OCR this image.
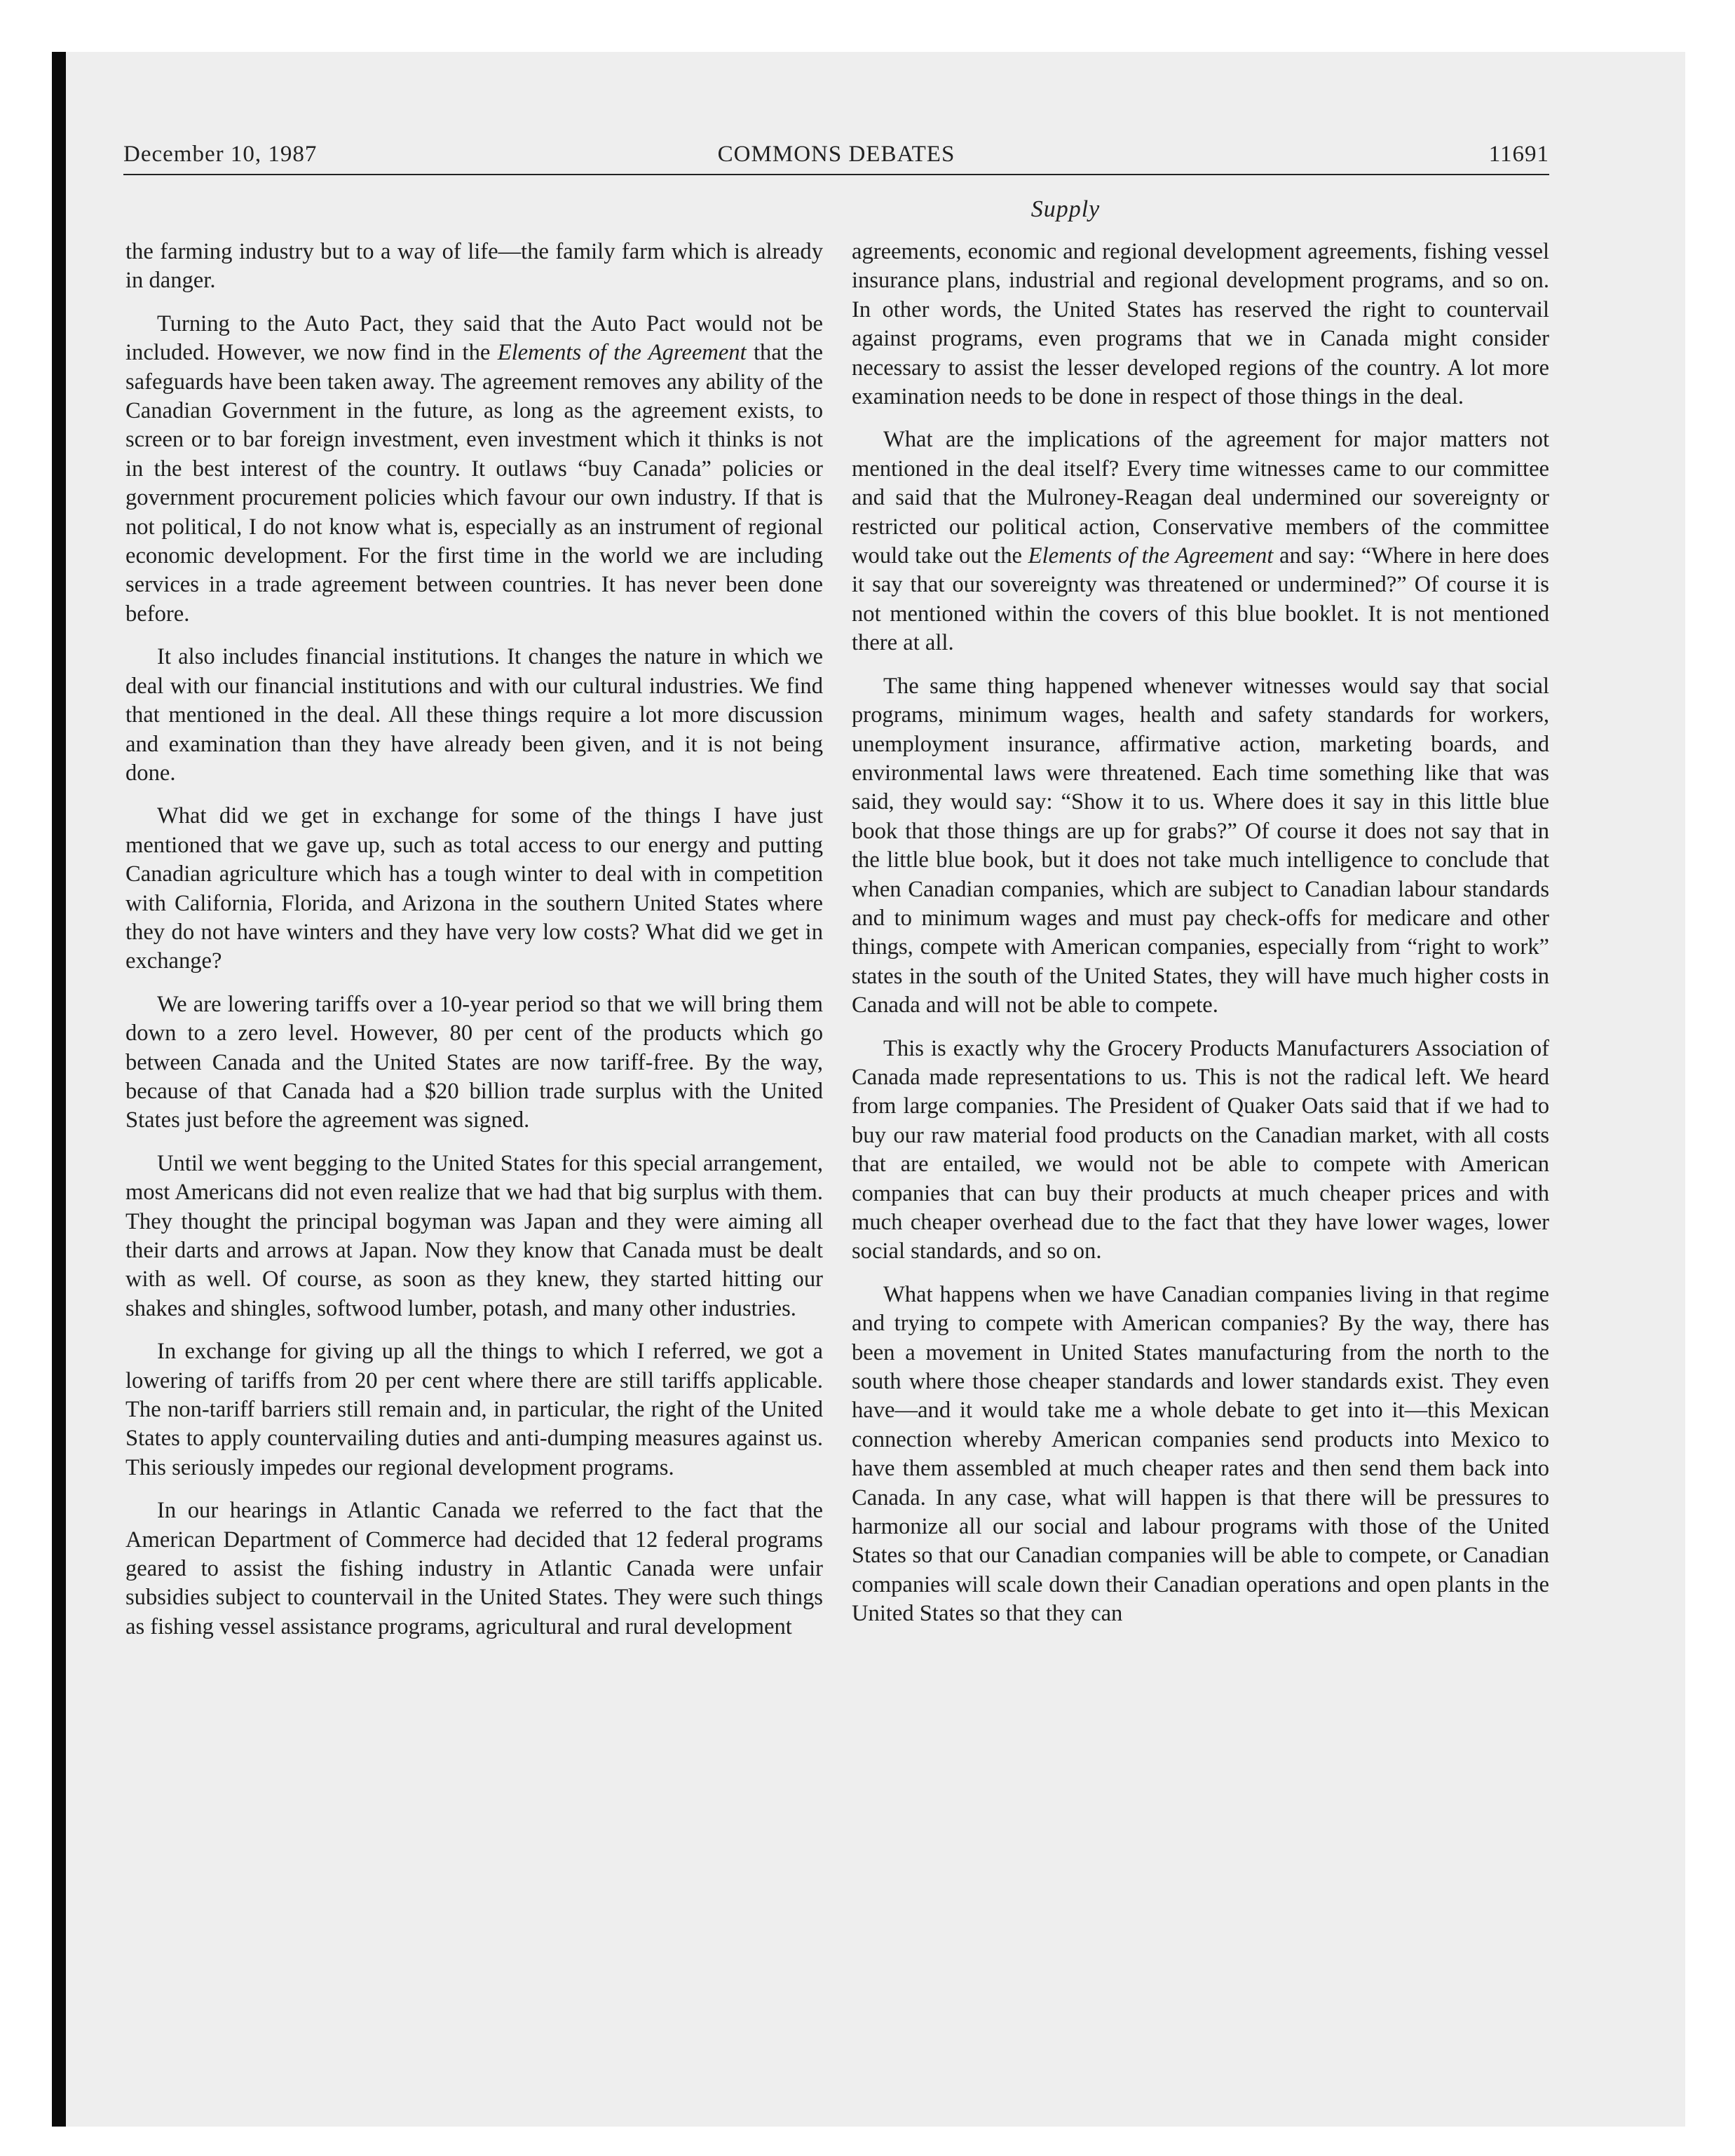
December 10, 1987	COMMONS DEBATES	11691
Supply

the farming industry but to a way of life—the family farm which is already in danger.

Turning to the Auto Pact, they said that the Auto Pact would not be included. However, we now find in the Elements of the Agreement that the safeguards have been taken away. The agreement removes any ability of the Canadian Government in the future, as long as the agreement exists, to screen or to bar foreign investment, even investment which it thinks is not in the best interest of the country. It outlaws “buy Canada” policies or government procurement policies which favour our own industry. If that is not political, I do not know what is, especially as an instrument of regional economic development. For the first time in the world we are including services in a trade agreement between countries. It has never been done before.

It also includes financial institutions. It changes the nature in which we deal with our financial institutions and with our cultural industries. We find that mentioned in the deal. All these things require a lot more discussion and examination than they have already been given, and it is not being done.

What did we get in exchange for some of the things I have just mentioned that we gave up, such as total access to our energy and putting Canadian agriculture which has a tough winter to deal with in competition with California, Florida, and Arizona in the southern United States where they do not have winters and they have very low costs? What did we get in exchange?

We are lowering tariffs over a 10-year period so that we will bring them down to a zero level. However, 80 per cent of the products which go between Canada and the United States are now tariff-free. By the way, because of that Canada had a $20 billion trade surplus with the United States just before the agreement was signed.

Until we went begging to the United States for this special arrangement, most Americans did not even realize that we had that big surplus with them. They thought the principal bogyman was Japan and they were aiming all their darts and arrows at Japan. Now they know that Canada must be dealt with as well. Of course, as soon as they knew, they started hitting our shakes and shingles, softwood lumber, potash, and many other industries.

In exchange for giving up all the things to which I referred, we got a lowering of tariffs from 20 per cent where there are still tariffs applicable. The non-tariff barriers still remain and, in particular, the right of the United States to apply countervailing duties and anti-dumping measures against us. This seriously impedes our regional development programs.

In our hearings in Atlantic Canada we referred to the fact that the American Department of Commerce had decided that 12 federal programs geared to assist the fishing industry in Atlantic Canada were unfair subsidies subject to countervail in the United States. They were such things as fishing vessel assistance programs, agricultural and rural development

agreements, economic and regional development agreements, fishing vessel insurance plans, industrial and regional development programs, and so on. In other words, the United States has reserved the right to countervail against programs, even programs that we in Canada might consider necessary to assist the lesser developed regions of the country. A lot more examination needs to be done in respect of those things in the deal.

What are the implications of the agreement for major matters not mentioned in the deal itself? Every time witnesses came to our committee and said that the Mulroney-Reagan deal undermined our sovereignty or restricted our political action, Conservative members of the committee would take out the Elements of the Agreement and say: “Where in here does it say that our sovereignty was threatened or undermined?” Of course it is not mentioned within the covers of this blue booklet. It is not mentioned there at all.

The same thing happened whenever witnesses would say that social programs, minimum wages, health and safety standards for workers, unemployment insurance, affirmative action, marketing boards, and environmental laws were threatened. Each time something like that was said, they would say: “Show it to us. Where does it say in this little blue book that those things are up for grabs?” Of course it does not say that in the little blue book, but it does not take much intelligence to conclude that when Canadian companies, which are subject to Canadian labour standards and to minimum wages and must pay check-offs for medicare and other things, compete with American companies, especially from “right to work” states in the south of the United States, they will have much higher costs in Canada and will not be able to compete.

This is exactly why the Grocery Products Manufacturers Association of Canada made representations to us. This is not the radical left. We heard from large companies. The President of Quaker Oats said that if we had to buy our raw material food products on the Canadian market, with all costs that are entailed, we would not be able to compete with American companies that can buy their products at much cheaper prices and with much cheaper overhead due to the fact that they have lower wages, lower social standards, and so on.

What happens when we have Canadian companies living in that regime and trying to compete with American companies? By the way, there has been a movement in United States manufacturing from the north to the south where those cheaper standards and lower standards exist. They even have—and it would take me a whole debate to get into it—this Mexican connection whereby American companies send products into Mexico to have them assembled at much cheaper rates and then send them back into Canada. In any case, what will happen is that there will be pressures to harmonize all our social and labour programs with those of the United States so that our Canadian companies will be able to compete, or Canadian companies will scale down their Canadian operations and open plants in the United States so that they can
